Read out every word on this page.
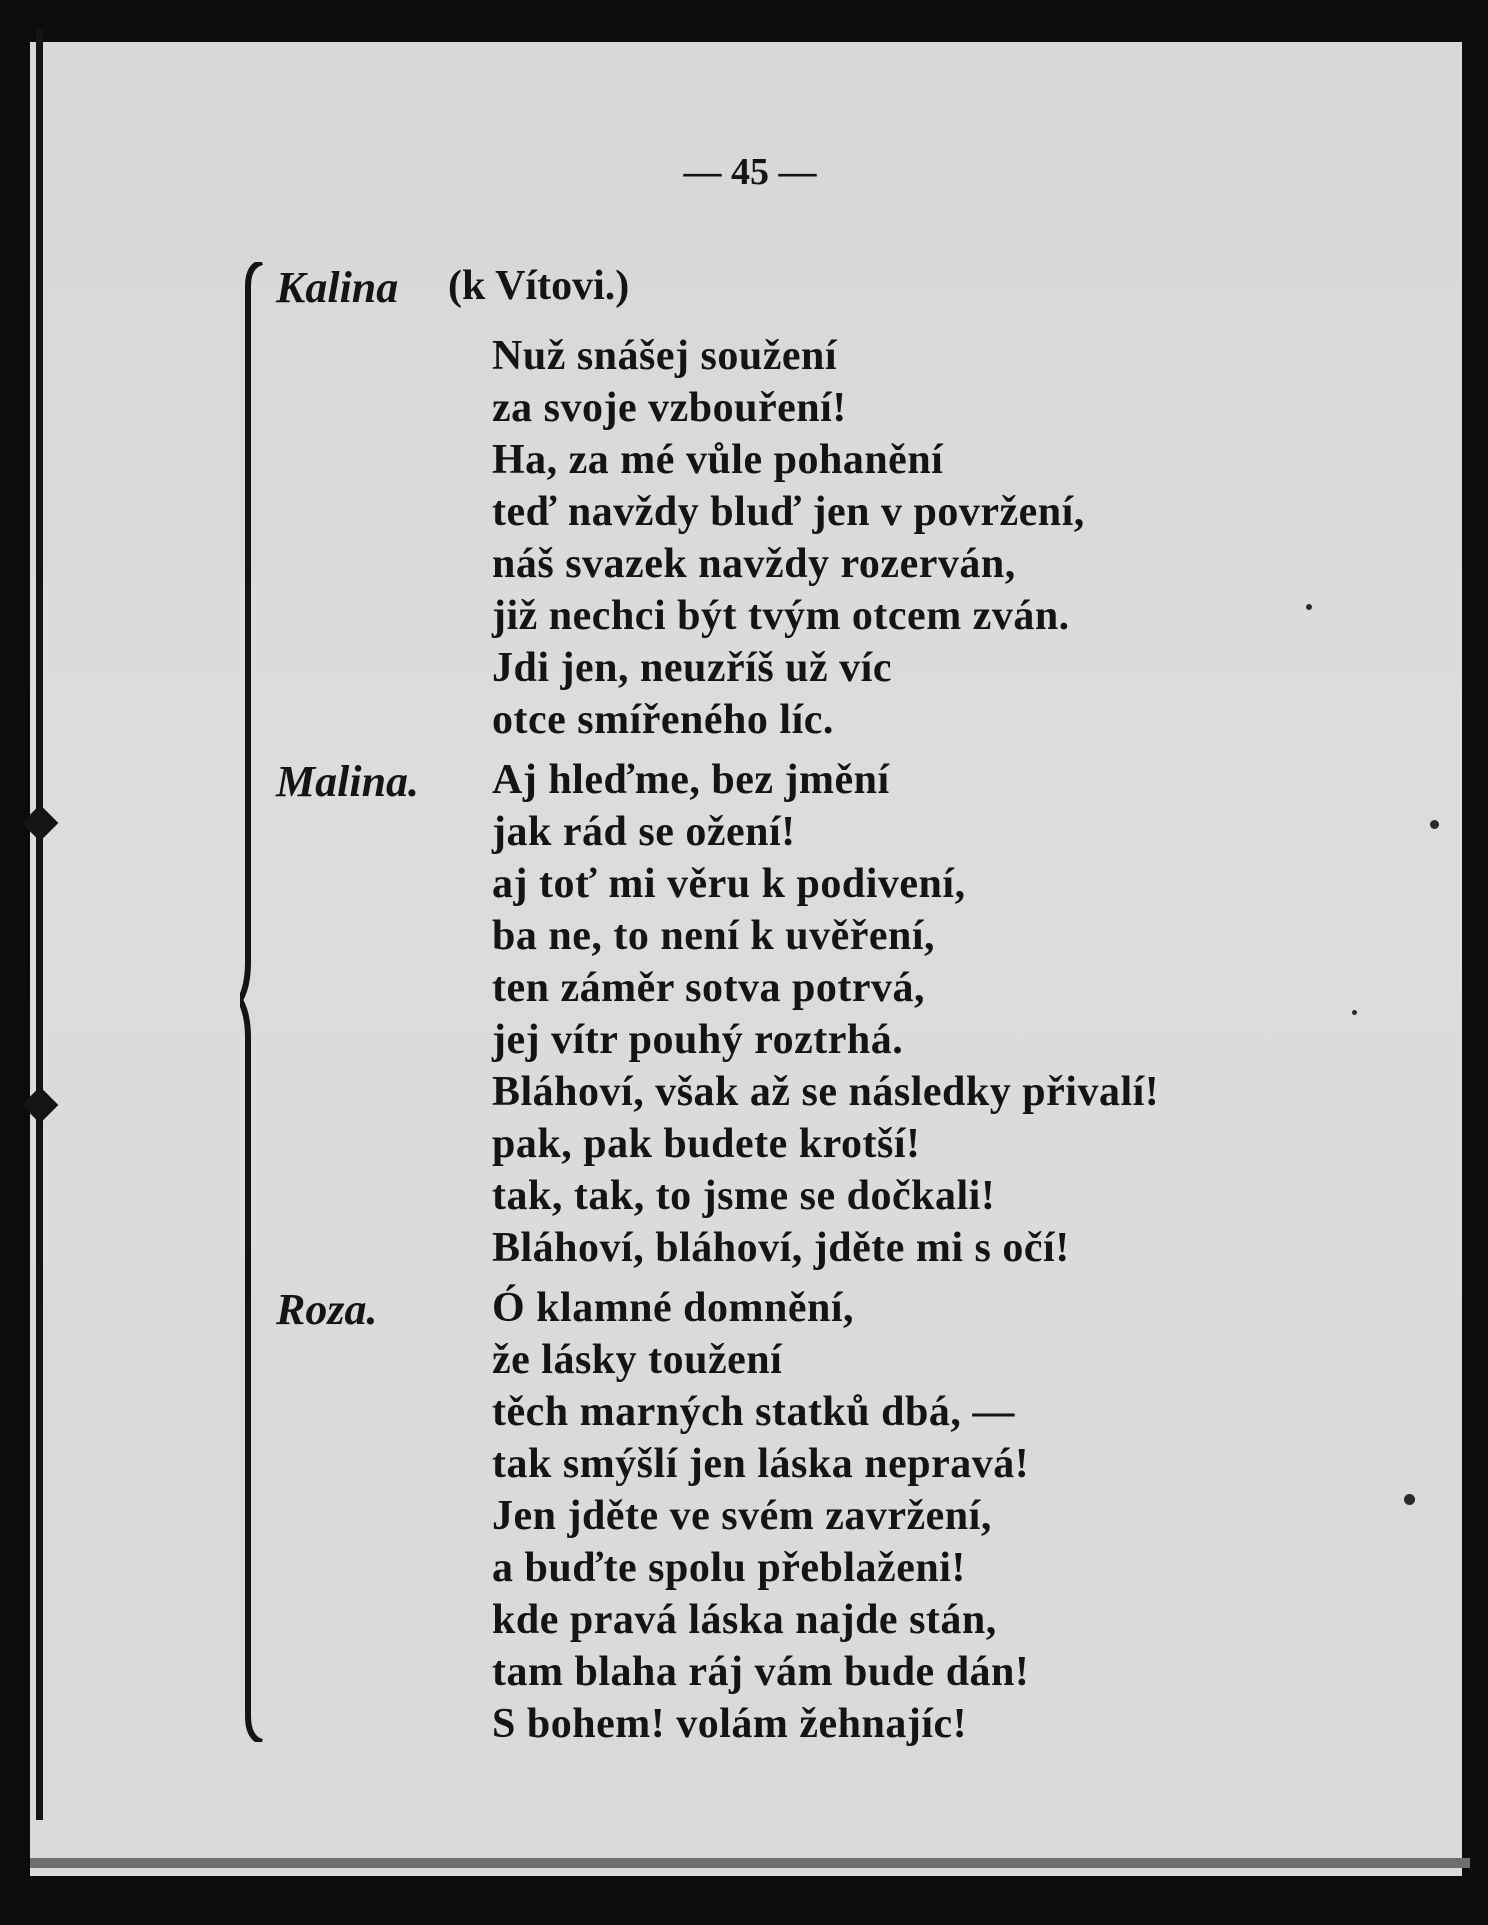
— 45 —
Kalina (k Vítovi.)
Nuž snášej soužení
za svoje vzbouření!
Ha, za mé vůle pohanění
teď navždy bluď jen v povržení,
náš svazek navždy rozerván,
již nechci být tvým otcem zván.
Jdi jen, neuzříš už víc
otce smířeného líc.
Malina. Aj hleďme, bez jmění
jak rád se ožení!
aj toť mi věru k podivení,
ba ne, to není k uvěření,
ten záměr sotva potrvá,
jej vítr pouhý roztrhá.
Bláhoví, však až se následky přivalí!
pak, pak budete krotší!
tak, tak, to jsme se dočkali!
Bláhoví, bláhoví, jděte mi s očí!
Roza.	Ó klamné domnění,
že lásky toužení
těch marných statků dbá, —
tak smýšlí jen láska nepravá!
Jen jděte ve svém zavržení,
a buďte spolu přeblaženi!
kde pravá láska najde stán,
tam blaha ráj vám bude dán!
S bohem! volám žehnajíc!
